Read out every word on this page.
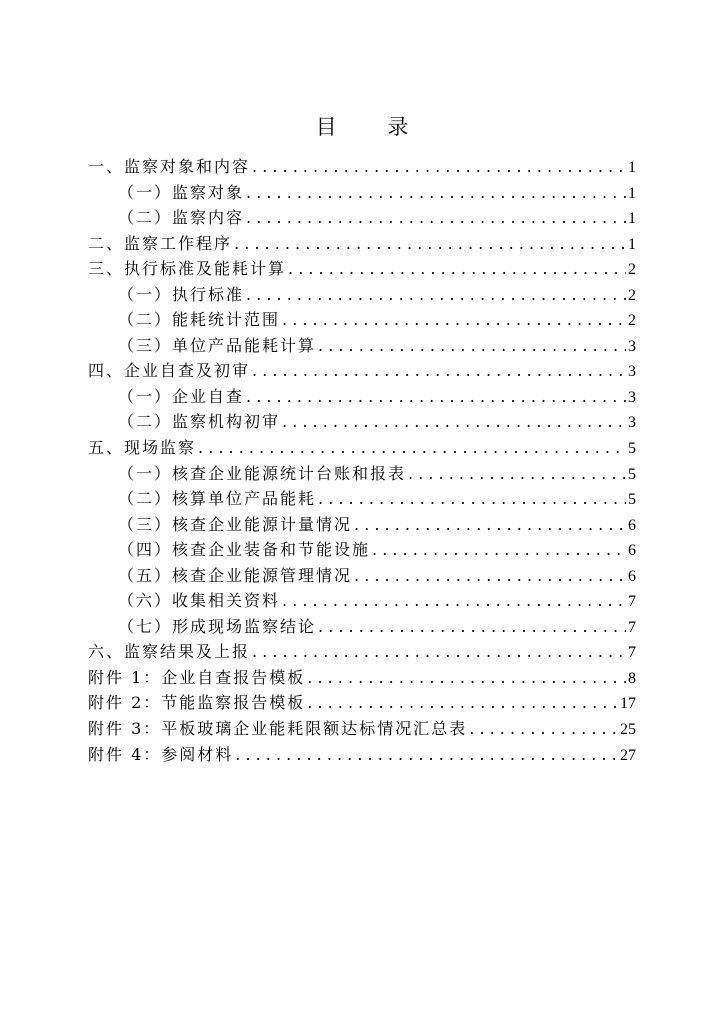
目 录
一、监察对象和内容 . . .	1
（一）监察对象 . . .	1
（二）监察内容 . . .	1
二、监察工作程序 . . .	1
三、执行标准及能耗计算 . . .	2
（一）执行标准 . . .	2
（二）能耗统计范围 . . .	2
（三）单位产品能耗计算 . . .	3
四、企业自查及初审 . . .	3
（一）企业自查 . . .	3
（二）监察机构初审 . . .	3
五、现场监察 . . .	5
（一）核查企业能源统计台账和报表 . . .	5
（二）核算单位产品能耗 . . .	5
（三）核查企业能源计量情况 . . .	6
（四）核查企业装备和节能设施 . . .	6
（五）核查企业能源管理情况 . . .	6
（六）收集相关资料 . . .	7
（七）形成现场监察结论 . . .	7
六、监察结果及上报 . . .	7
附件 1：企业自查报告模板 . . .	8
附件 2：节能监察报告模板 . . .	17
附件 3：平板玻璃企业能耗限额达标情况汇总表 . . .	25
附件 4：参阅材料 . . .	27
